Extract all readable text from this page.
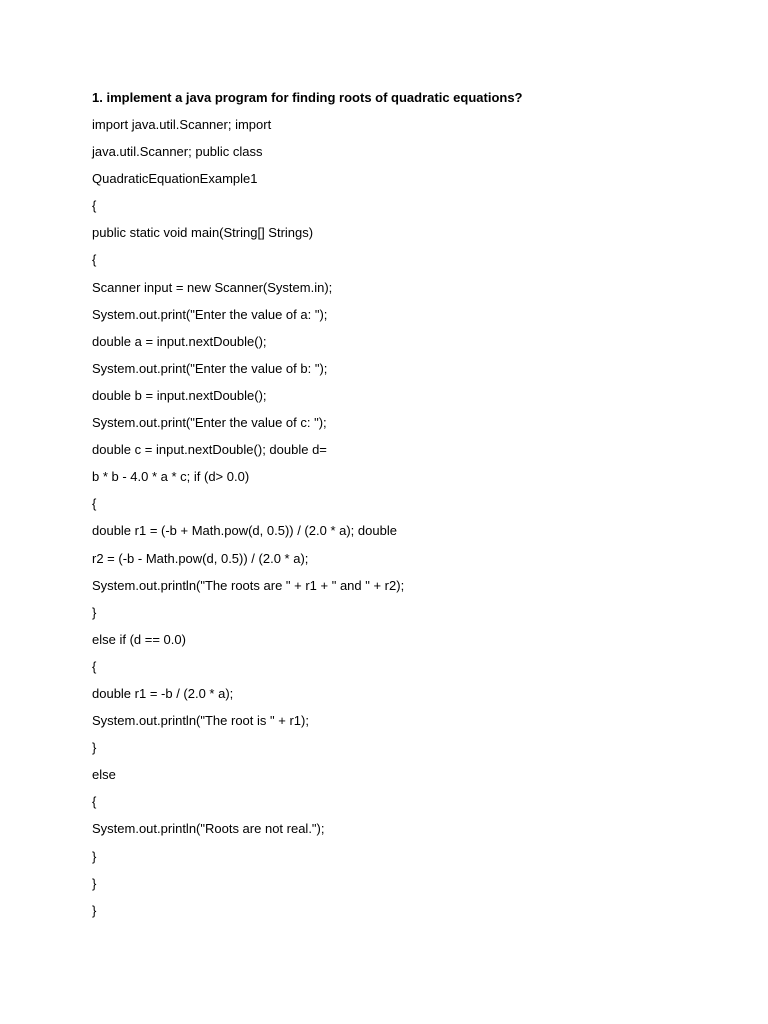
1. implement a java program for finding roots of quadratic equations?
import java.util.Scanner; import
java.util.Scanner; public class
QuadraticEquationExample1
{
public static void main(String[] Strings)
{
Scanner input = new Scanner(System.in);
System.out.print("Enter the value of a: ");
double a = input.nextDouble();
System.out.print("Enter the value of b: ");
double b = input.nextDouble();
System.out.print("Enter the value of c: ");
double c = input.nextDouble(); double d=
b * b - 4.0 * a * c; if (d> 0.0)
{
double r1 = (-b + Math.pow(d, 0.5)) / (2.0 * a); double
r2 = (-b - Math.pow(d, 0.5)) / (2.0 * a);
System.out.println("The roots are " + r1 + " and " + r2);
}
else if (d == 0.0)
{
double r1 = -b / (2.0 * a);
System.out.println("The root is " + r1);
}
else
{
System.out.println("Roots are not real.");
}
}
}
